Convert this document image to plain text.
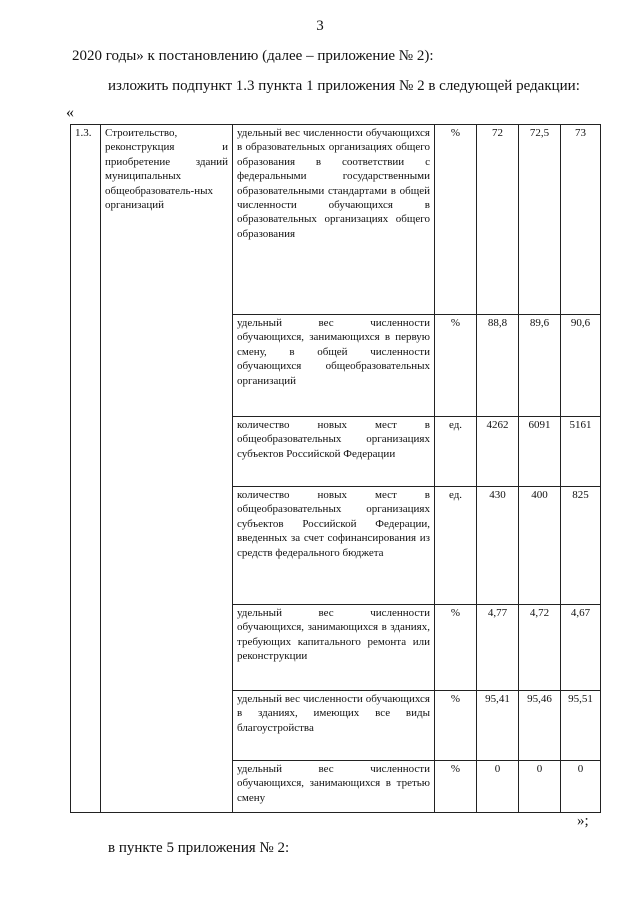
3
2020 годы» к постановлению (далее – приложение № 2):
изложить подпункт 1.3 пункта 1 приложения № 2 в следующей редакции:
«
1.3.	Строительство, реконструкция и приобретение зданий муниципальных общеобразователь-ных организаций	удельный вес численности обучающихся в образовательных организациях общего образования в соответствии с федеральными государственными образовательными стандартами в общей численности обучающихся в образовательных организациях общего образования	%	72	72,5	73

		удельный вес численности обучающихся, занимающихся в первую смену, в общей численности обучающихся общеобразовательных организаций	%	88,8	89,6	90,6

		количество новых мест в общеобразовательных организациях субъектов Российской Федерации	ед.	4262	6091	5161

		количество новых мест в общеобразовательных организациях субъектов Российской Федерации, введенных за счет софинансирования из средств федерального бюджета	ед.	430	400	825

		удельный вес численности обучающихся, занимающихся в зданиях, требующих капитального ремонта или реконструкции	%	4,77	4,72	4,67

		удельный вес численности обучающихся в зданиях, имеющих все виды благоустройства	%	95,41	95,46	95,51

		удельный вес численности обучающихся, занимающихся в третью смену	%	0	0	0
»;
в пункте 5 приложения № 2:
